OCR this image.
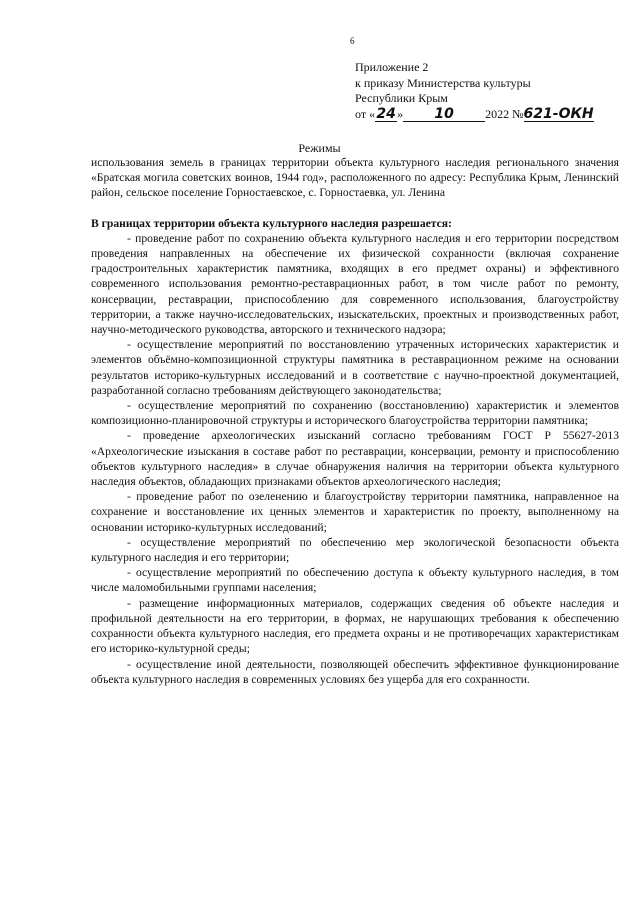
6
Приложение 2
к приказу Министерства культуры
Республики Крым
от «24» 10	2022 №621-ОКН
Режимы

использования земель в границах территории объекта культурного наследия регионального значения «Братская могила советских воинов, 1944 год», расположенного по адресу: Республика Крым, Ленинский район, сельское поселение Горностаевское, с. Горностаевка, ул. Ленина

В границах территории объекта культурного наследия разрешается:

- проведение работ по сохранению объекта культурного наследия и его территории посредством проведения направленных на обеспечение их физической сохранности (включая сохранение градостроительных характеристик памятника, входящих в его предмет охраны) и эффективного современного использования ремонтно-реставрационных работ, в том числе работ по ремонту, консервации, реставрации, приспособлению для современного использования, благоустройству территории, а также научно-исследовательских, изыскательских, проектных и производственных работ, научно-методического руководства, авторского и технического надзора;

- осуществление мероприятий по восстановлению утраченных исторических характеристик и элементов объёмно-композиционной структуры памятника в реставрационном режиме на основании результатов историко-культурных исследований и в соответствие с научно-проектной документацией, разработанной согласно требованиям действующего законодательства;

- осуществление мероприятий по сохранению (восстановлению) характеристик и элементов композиционно-планировочной структуры и исторического благоустройства территории памятника;

- проведение археологических изысканий согласно требованиям ГОСТ Р 55627-2013 «Археологические изыскания в составе работ по реставрации, консервации, ремонту и приспособлению объектов культурного наследия» в случае обнаружения наличия на территории объекта культурного наследия объектов, обладающих признаками объектов археологического наследия;

- проведение работ по озеленению и благоустройству территории памятника, направленное на сохранение и восстановление их ценных элементов и характеристик по проекту, выполненному на основании историко-культурных исследований;

- осуществление мероприятий по обеспечению мер экологической безопасности объекта культурного наследия и его территории;

- осуществление мероприятий по обеспечению доступа к объекту культурного наследия, в том числе маломобильными группами населения;

- размещение информационных материалов, содержащих сведения об объекте наследия и профильной деятельности на его территории, в формах, не нарушающих требования к обеспечению сохранности объекта культурного наследия, его предмета охраны и не противоречащих характеристикам его историко-культурной среды;

- осуществление иной деятельности, позволяющей обеспечить эффективное функционирование объекта культурного наследия в современных условиях без ущерба для его сохранности.
